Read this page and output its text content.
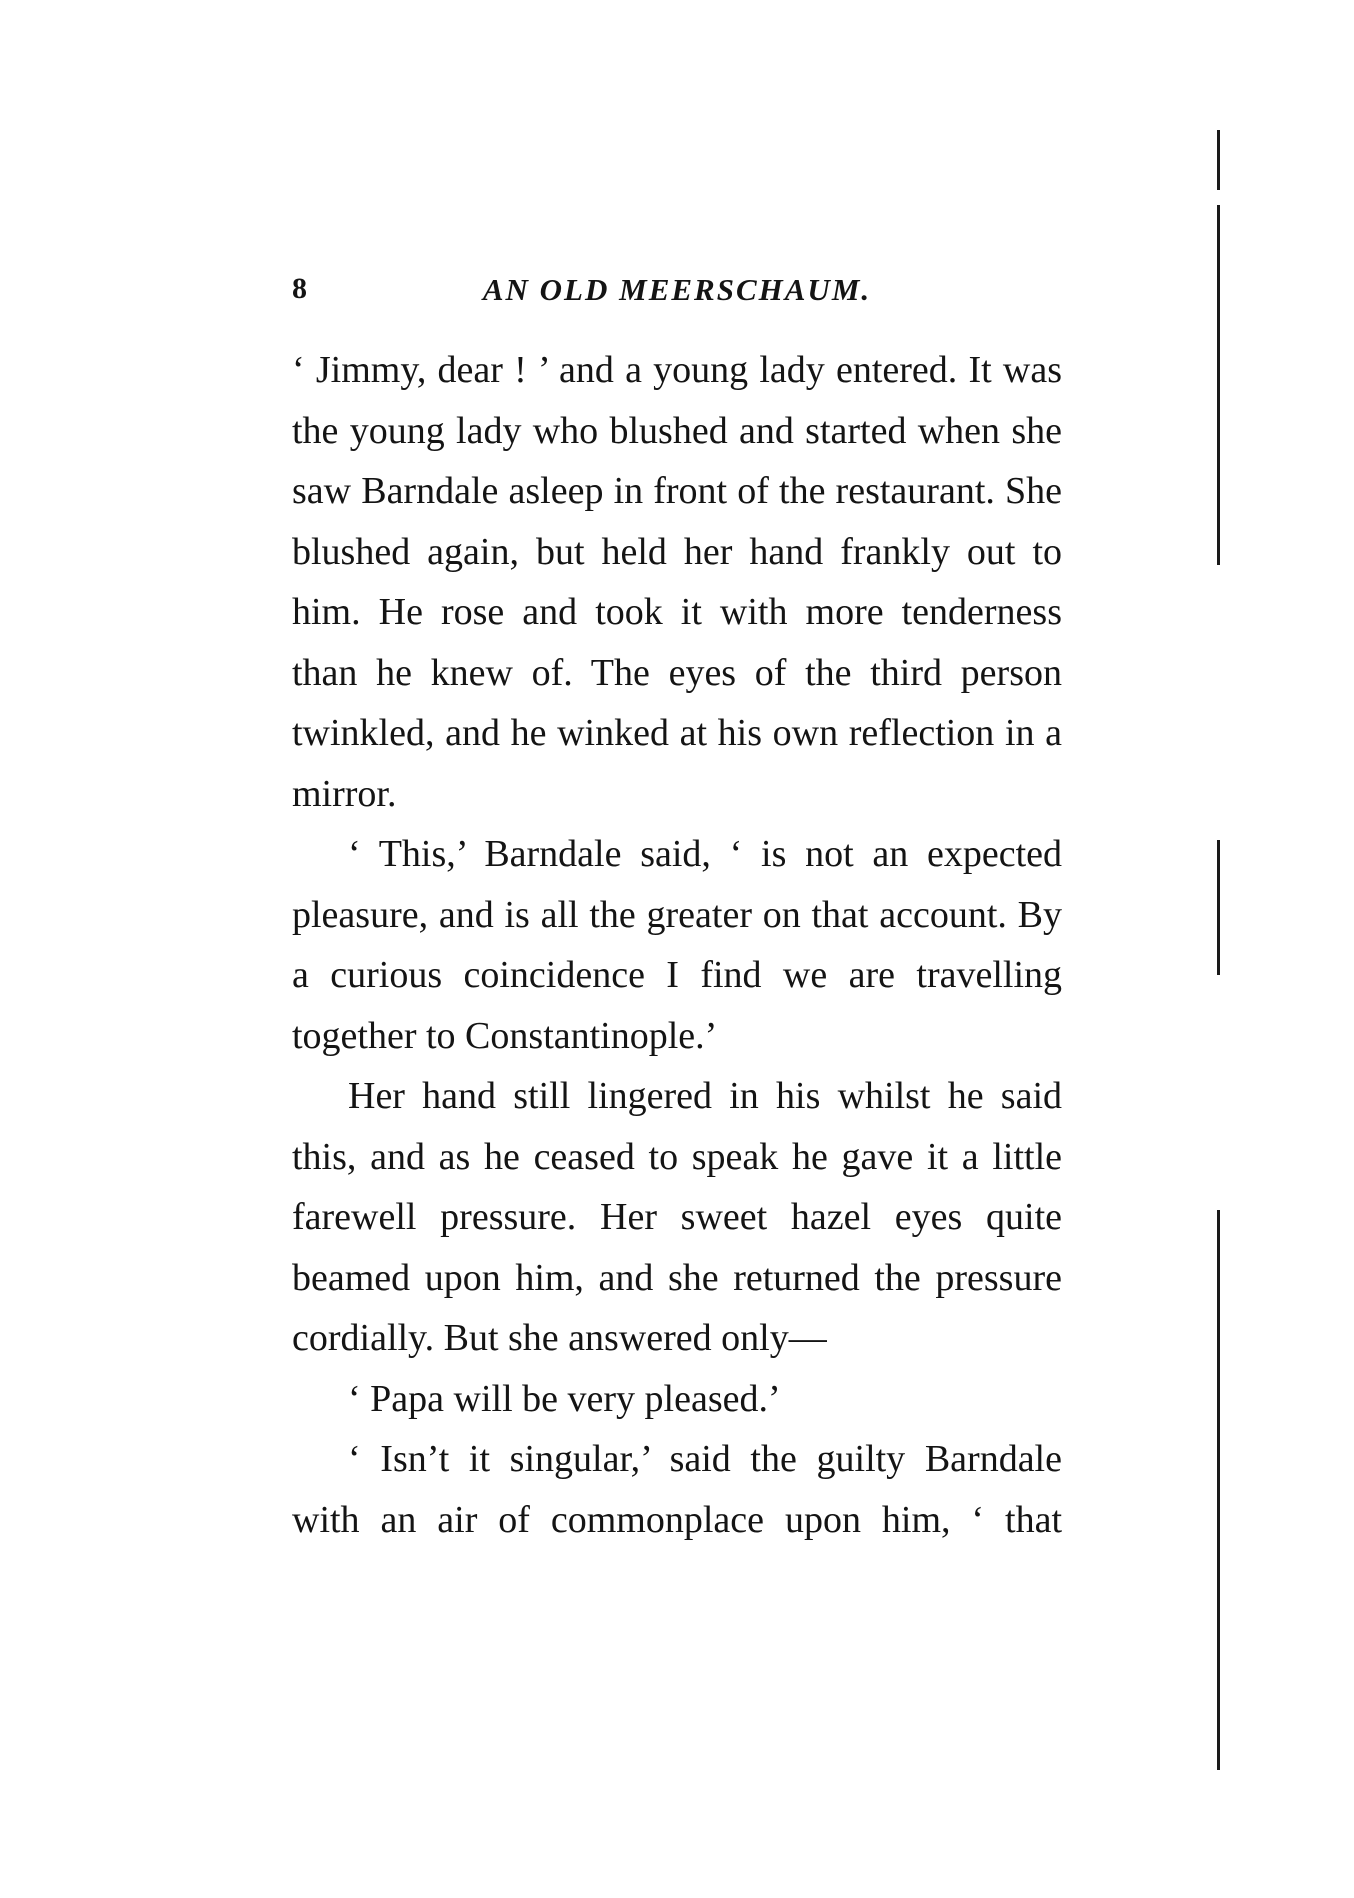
8	AN OLD MEERSCHAUM.

‘ Jimmy, dear ! ’ and a young lady entered. It was the young lady who blushed and started when she saw Barndale asleep in front of the restaurant. She blushed again, but held her hand frankly out to him. He rose and took it with more tenderness than he knew of. The eyes of the third person twinkled, and he winked at his own reflection in a mirror.

‘ This,’ Barndale said, ‘ is not an expected pleasure, and is all the greater on that account. By a curious coincidence I find we are travelling together to Constantinople.’

Her hand still lingered in his whilst he said this, and as he ceased to speak he gave it a little farewell pressure. Her sweet hazel eyes quite beamed upon him, and she returned the pressure cordially. But she answered only—

‘ Papa will be very pleased.’

‘ Isn’t it singular,’ said the guilty Barndale with an air of commonplace upon him, ‘ that
